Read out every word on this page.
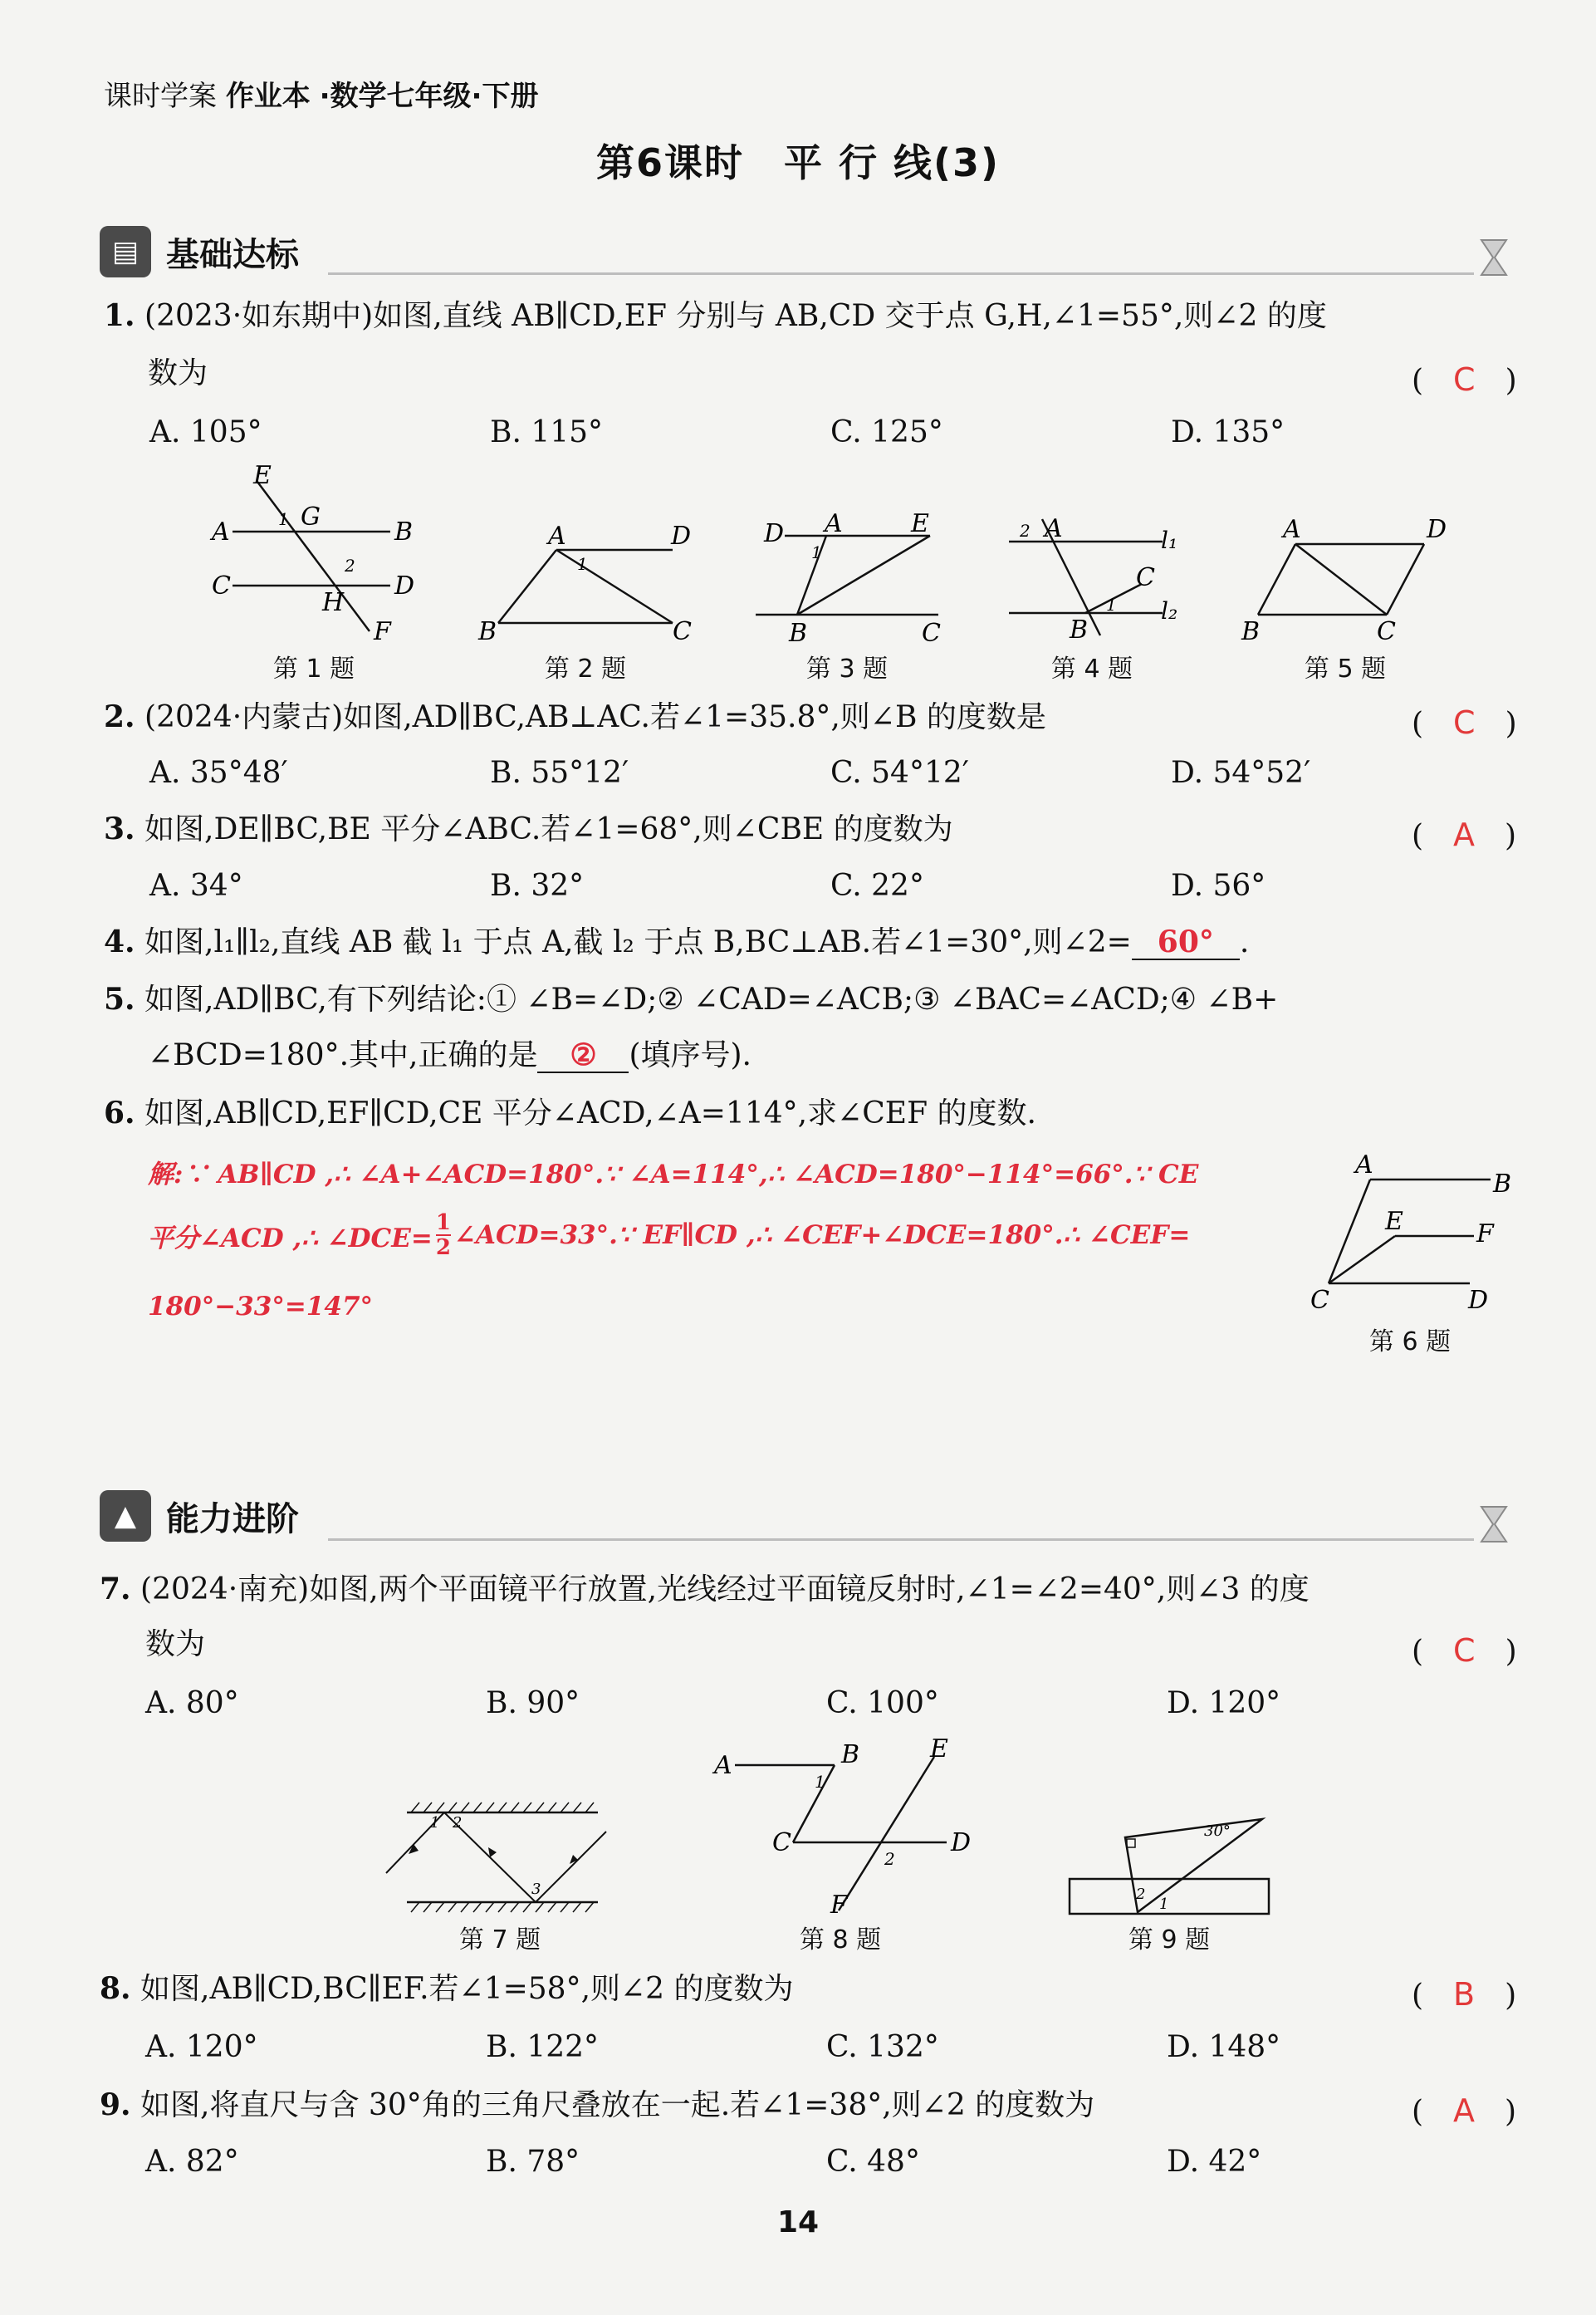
课时学案 作业本 ·数学七年级·下册
第6课时　平 行 线(3)
▤ 基础达标
1. (2023·如东期中)如图,直线 AB∥CD,EF 分别与 AB,CD 交于点 G,H,∠1=55°,则∠2 的度
数为	(　C　)
A. 105°	B. 115°	C. 125°	D. 135°
E
A	1 G
B
C
2
D
H
F
第 1 题
A	D
1
B	C
第 2 题
D A	E
1
B	C
第 3 题
2 A	l₁
C
1
B
l₂
第 4 题
A	D
B	C
第 5 题
2. (2024·内蒙古)如图,AD∥BC,AB⊥AC.若∠1=35.8°,则∠B 的度数是	(　C　)
A. 35°48′	B. 55°12′	C. 54°12′	D. 54°52′
3. 如图,DE∥BC,BE 平分∠ABC.若∠1=68°,则∠CBE 的度数为	(　A　)
A. 34°	B. 32°	C. 22°	D. 56°
4. 如图,l₁∥l₂,直线 AB 截 l₁ 于点 A,截 l₂ 于点 B,BC⊥AB.若∠1=30°,则∠2= 60° .
5. 如图,AD∥BC,有下列结论:① ∠B=∠D;② ∠CAD=∠ACB;③ ∠BAC=∠ACD;④ ∠B+
∠BCD=180°.其中,正确的是 ② (填序号).
6. 如图,AB∥CD,EF∥CD,CE 平分∠ACD,∠A=114°,求∠CEF 的度数.
解:∵ AB∥CD ,∴ ∠A+∠ACD=180°.∵ ∠A=114°,∴ ∠ACD=180°−114°=66°.∵ CE
平分∠ACD ,∴ ∠DCE= $\frac{1}{2}$ ∠ACD=33°.∵ EF∥CD ,∴ ∠CEF+∠DCE=180°.∴ ∠CEF=
180°−33°=147°
A
B
E	F
C	D
第 6 题
▲ 能力进阶
7. (2024·南充)如图,两个平面镜平行放置,光线经过平面镜反射时,∠1=∠2=40°,则∠3 的度
数为	(　C　)
A. 80°	B. 90°	C. 100°	D. 120°
1 2
3
第 7 题
A	B
1
E
C	D
2
F
第 8 题
30°
2
1
第 9 题
8. 如图,AB∥CD,BC∥EF.若∠1=58°,则∠2 的度数为	(　B　)
A. 120°	B. 122°	C. 132°	D. 148°
9. 如图,将直尺与含 30°角的三角尺叠放在一起.若∠1=38°,则∠2 的度数为	(　A　)
A. 82°	B. 78°	C. 48°	D. 42°
14
